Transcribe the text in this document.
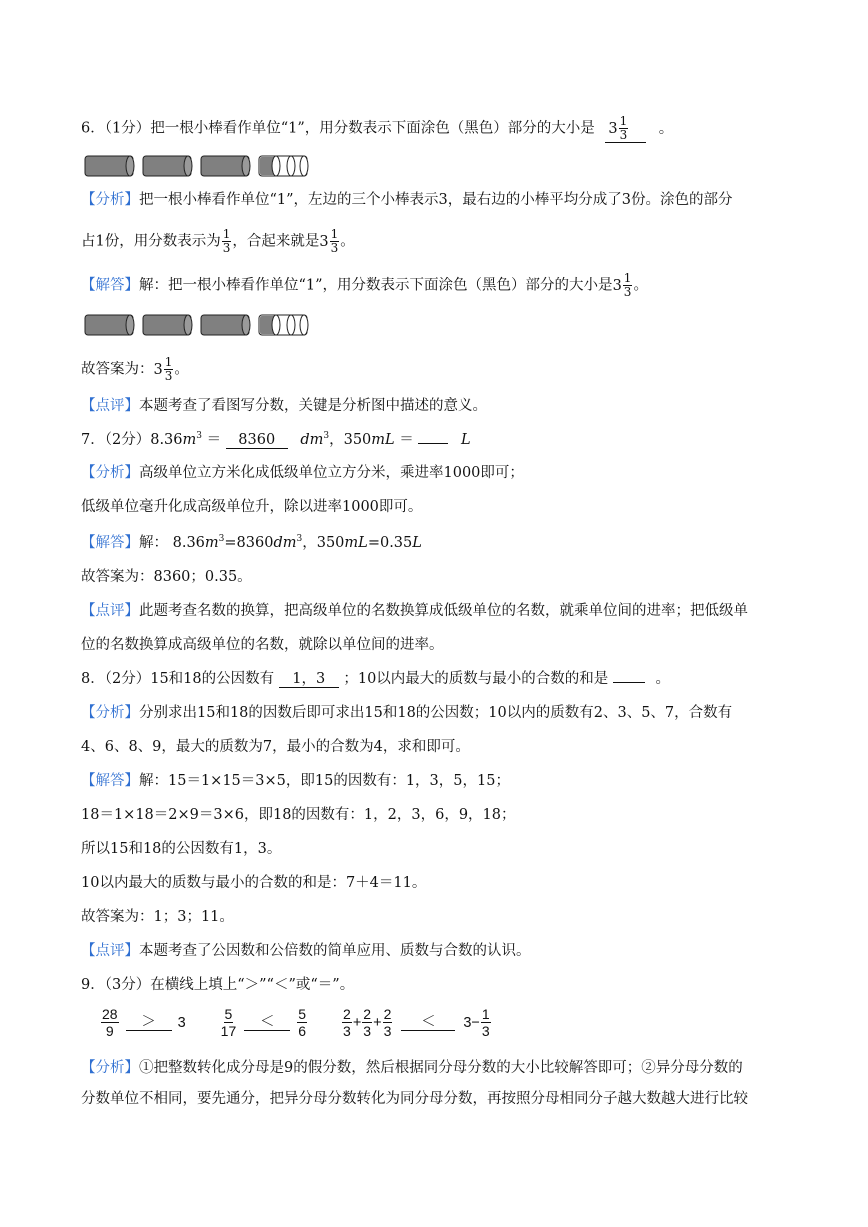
6．（1分）把一根小棒看作单位“1”，用分数表示下面涂色（黑色）部分的大小是 $3 \frac{1}{3}$ 。
【分析】把一根小棒看作单位“1”，左边的三个小棒表示3，最右边的小棒平均分成了3份。涂色的部分
占1份，用分数表示为 $\frac{1}{3}$ ，合起来就是 $3 \frac{1}{3}$ 。
【解答】解：把一根小棒看作单位“1”，用分数表示下面涂色（黑色）部分的大小是 $3 \frac{1}{3}$ 。
故答案为： $3 \frac{1}{3}$ 。
【点评】本题考查了看图写分数，关键是分析图中描述的意义。
7．（2分）$8.36m^3 = 8360$ $dm^3$，350mL ＝	L
【分析】高级单位立方米化成低级单位立方分米，乘进率1000即可；
低级单位毫升化成高级单位升，除以进率1000即可。
【解答】解： $8.36m^3=8360dm^3$，350mL=0.35L
故答案为：8360；0.35。
【点评】此题考查名数的换算，把高级单位的名数换算成低级单位的名数，就乘单位间的进率；把低级单
位的名数换算成高级单位的名数，就除以单位间的进率。
8．（2分）15和18的公因数有 1，3 ；10以内最大的质数与最小的合数的和是	。
【分析】分别求出15和18的因数后即可求出15和18的公因数；10以内的质数有2、3、5、7，合数有
4、6、8、9，最大的质数为7，最小的合数为4，求和即可。
【解答】解：15＝1×15＝3×5，即15的因数有：1，3，5，15；
18＝1×18＝2×9＝3×6，即18的因数有：1，2，3，6，9，18；
所以15和18的公因数有1，3。
10以内最大的质数与最小的合数的和是：7＋4＝11。
故答案为：1；3；11。
【点评】本题考查了公因数和公倍数的简单应用、质数与合数的认识。
9．（3分）在横线上填上“＞”“＜”或“＝”。
$\frac{28}{9}$	＞	$3 \frac{5}{17}$	＜	$\frac{5}{6}$	$\frac{2}{3} + \frac{2}{3} + \frac{2}{3}$	＜	$3- \frac{1}{3}$
【分析】①把整数转化成分母是9的假分数，然后根据同分母分数的大小比较解答即可；②异分母分数的
分数单位不相同，要先通分，把异分母分数转化为同分母分数，再按照分母相同分子越大数越大进行比较
